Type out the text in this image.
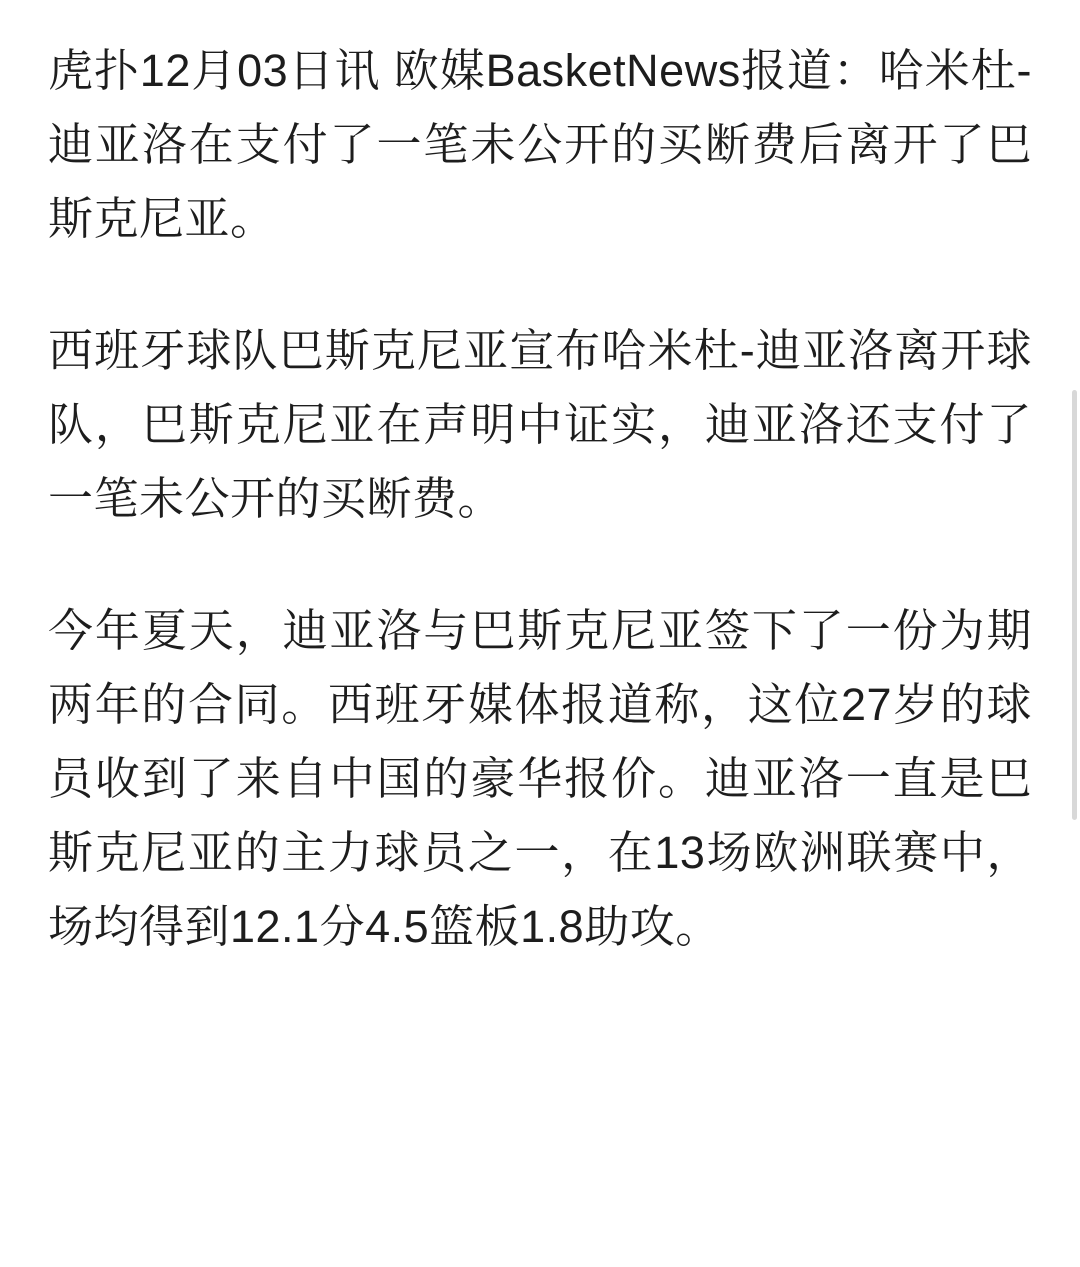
虎扑12月03日讯 欧媒BasketNews报道：哈米杜-迪亚洛在支付了一笔未公开的买断费后离开了巴斯克尼亚。

西班牙球队巴斯克尼亚宣布哈米杜-迪亚洛离开球队，巴斯克尼亚在声明中证实，迪亚洛还支付了一笔未公开的买断费。

今年夏天，迪亚洛与巴斯克尼亚签下了一份为期两年的合同。西班牙媒体报道称，这位27岁的球员收到了来自中国的豪华报价。迪亚洛一直是巴斯克尼亚的主力球员之一，在13场欧洲联赛中，场均得到12.1分4.5篮板1.8助攻。
